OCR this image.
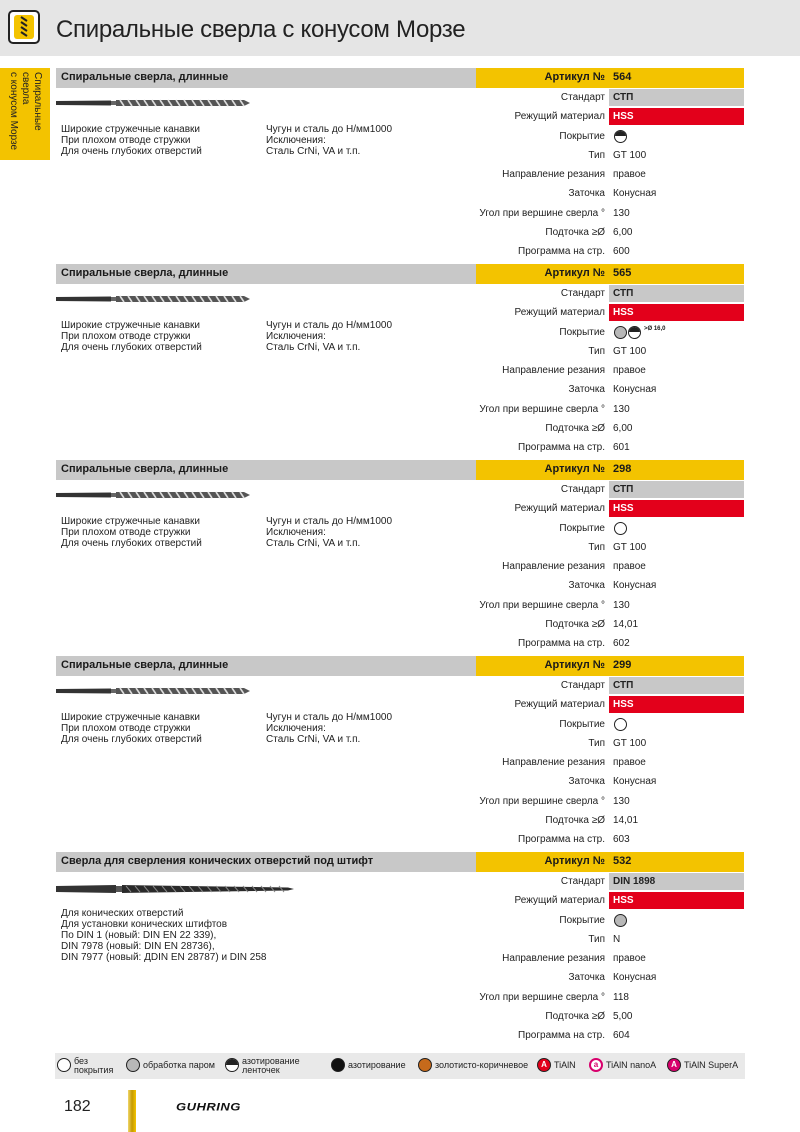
Спиральные сверла с конусом Морзе
Спиральные сверла
с конусом Морзе	Спиральные сверла, длинные	Артикул № 564
Широкие стружечные канавки
При плохом отводе стружки
Для очень глубоких отверстий
Чугун и сталь до Н/мм1000
Исключения:
Сталь CrNi, VA и т.п.
Стандарт СТП
Режущий материал HSS
Покрытие
Тип GT 100
Направление резания правое
Заточка Конусная
Угол при вершине сверла ° 130
Подточка ≥Ø 6,00
Программа на стр. 600
Спиральные сверла, длинные	Артикул № 565
Широкие стружечные канавки
При плохом отводе стружки
Для очень глубоких отверстий
Чугун и сталь до Н/мм1000
Исключения:
Сталь CrNi, VA и т.п.
Стандарт СТП
Режущий материал HSS
Покрытие	>Ø 16,0
Тип GT 100
Направление резания правое
Заточка Конусная
Угол при вершине сверла ° 130
Подточка ≥Ø 6,00
Программа на стр. 601
Спиральные сверла, длинные	Артикул № 298
Широкие стружечные канавки
При плохом отводе стружки
Для очень глубоких отверстий
Чугун и сталь до Н/мм1000
Исключения:
Сталь CrNi, VA и т.п.
Стандарт СТП
Режущий материал HSS
Покрытие
Тип GT 100
Направление резания правое
Заточка Конусная
Угол при вершине сверла ° 130
Подточка ≥Ø 14,01
Программа на стр. 602
Спиральные сверла, длинные	Артикул № 299
Широкие стружечные канавки
При плохом отводе стружки
Для очень глубоких отверстий
Чугун и сталь до Н/мм1000
Исключения:
Сталь CrNi, VA и т.п.
Стандарт СТП
Режущий материал HSS
Покрытие
Тип GT 100
Направление резания правое
Заточка Конусная
Угол при вершине сверла ° 130
Подточка ≥Ø 14,01
Программа на стр. 603
Сверла для сверления конических отверстий под штифт	Артикул № 532
Для конических отверстий
Для установки конических штифтов
По DIN 1 (новый: DIN EN 22 339),
DIN 7978 (новый: DIN EN 28736),
DIN 7977 (новый: ДDIN EN 28787) и DIN 258
Стандарт DIN 1898
Режущий материал HSS
Покрытие
Тип N
Направление резания правое
Заточка Конусная
Угол при вершине сверла ° 118
Подточка ≥Ø 5,00
Программа на стр. 604
без покрытия	обработка паром	азотирование ленточек	азотирование	золотисто-коричневое	A TiAlN	a TiAlN nanoA	A TiAlN SuperA
182	GUHRING
